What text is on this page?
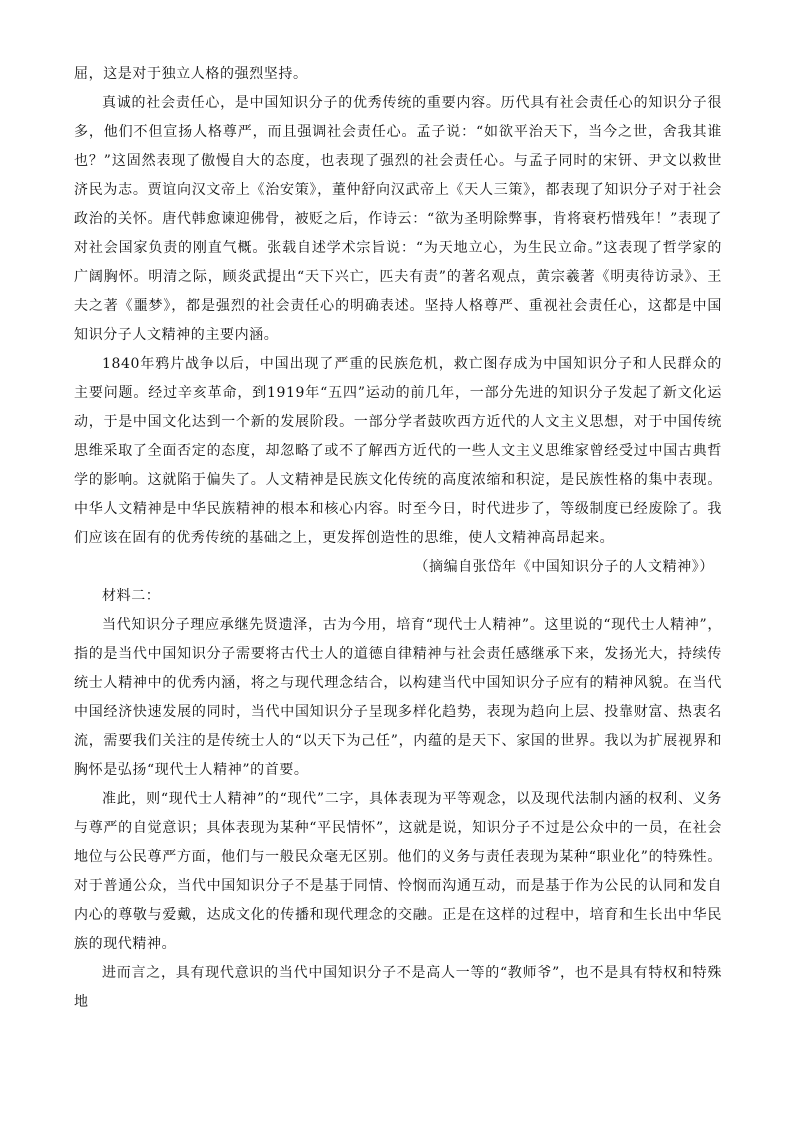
屈，这是对于独立人格的强烈坚持。

真诚的社会责任心，是中国知识分子的优秀传统的重要内容。历代具有社会责任心的知识分子很多，他们不但宣扬人格尊严，而且强调社会责任心。孟子说：“如欲平治天下，当今之世，舍我其谁也？”这固然表现了傲慢自大的态度，也表现了强烈的社会责任心。与孟子同时的宋钘、尹文以救世济民为志。贾谊向汉文帝上《治安策》，董仲舒向汉武帝上《天人三策》，都表现了知识分子对于社会政治的关怀。唐代韩愈谏迎佛骨，被贬之后，作诗云：“欲为圣明除弊事，肯将衰朽惜残年！”表现了对社会国家负责的刚直气概。张载自述学术宗旨说：“为天地立心，为生民立命。”这表现了哲学家的广阔胸怀。明清之际，顾炎武提出“天下兴亡，匹夫有责”的著名观点，黄宗羲著《明夷待访录》、王夫之著《噩梦》，都是强烈的社会责任心的明确表述。坚持人格尊严、重视社会责任心，这都是中国知识分子人文精神的主要内涵。

1840年鸦片战争以后，中国出现了严重的民族危机，救亡图存成为中国知识分子和人民群众的主要问题。经过辛亥革命，到1919年“五四”运动的前几年，一部分先进的知识分子发起了新文化运动，于是中国文化达到一个新的发展阶段。一部分学者鼓吹西方近代的人文主义思想，对于中国传统思维采取了全面否定的态度，却忽略了或不了解西方近代的一些人文主义思维家曾经受过中国古典哲学的影响。这就陷于偏失了。人文精神是民族文化传统的高度浓缩和积淀，是民族性格的集中表现。中华人文精神是中华民族精神的根本和核心内容。时至今日，时代进步了，等级制度已经废除了。我们应该在固有的优秀传统的基础之上，更发挥创造性的思维，使人文精神高昂起来。

（摘编自张岱年《中国知识分子的人文精神》）

材料二：

当代知识分子理应承继先贤遗泽，古为今用，培育“现代士人精神”。这里说的“现代士人精神”，指的是当代中国知识分子需要将古代士人的道德自律精神与社会责任感继承下来，发扬光大，持续传统士人精神中的优秀内涵，将之与现代理念结合，以构建当代中国知识分子应有的精神风貌。在当代中国经济快速发展的同时，当代中国知识分子呈现多样化趋势，表现为趋向上层、投靠财富、热衷名流，需要我们关注的是传统士人的“以天下为己任”，内蕴的是天下、家国的世界。我以为扩展视界和胸怀是弘扬“现代士人精神”的首要。

准此，则“现代士人精神”的“现代”二字，具体表现为平等观念，以及现代法制内涵的权利、义务与尊严的自觉意识；具体表现为某种“平民情怀”，这就是说，知识分子不过是公众中的一员，在社会地位与公民尊严方面，他们与一般民众毫无区别。他们的义务与责任表现为某种“职业化”的特殊性。对于普通公众，当代中国知识分子不是基于同情、怜悯而沟通互动，而是基于作为公民的认同和发自内心的尊敬与爱戴，达成文化的传播和现代理念的交融。正是在这样的过程中，培育和生长出中华民族的现代精神。

进而言之，具有现代意识的当代中国知识分子不是高人一等的“教师爷”，也不是具有特权和特殊地
